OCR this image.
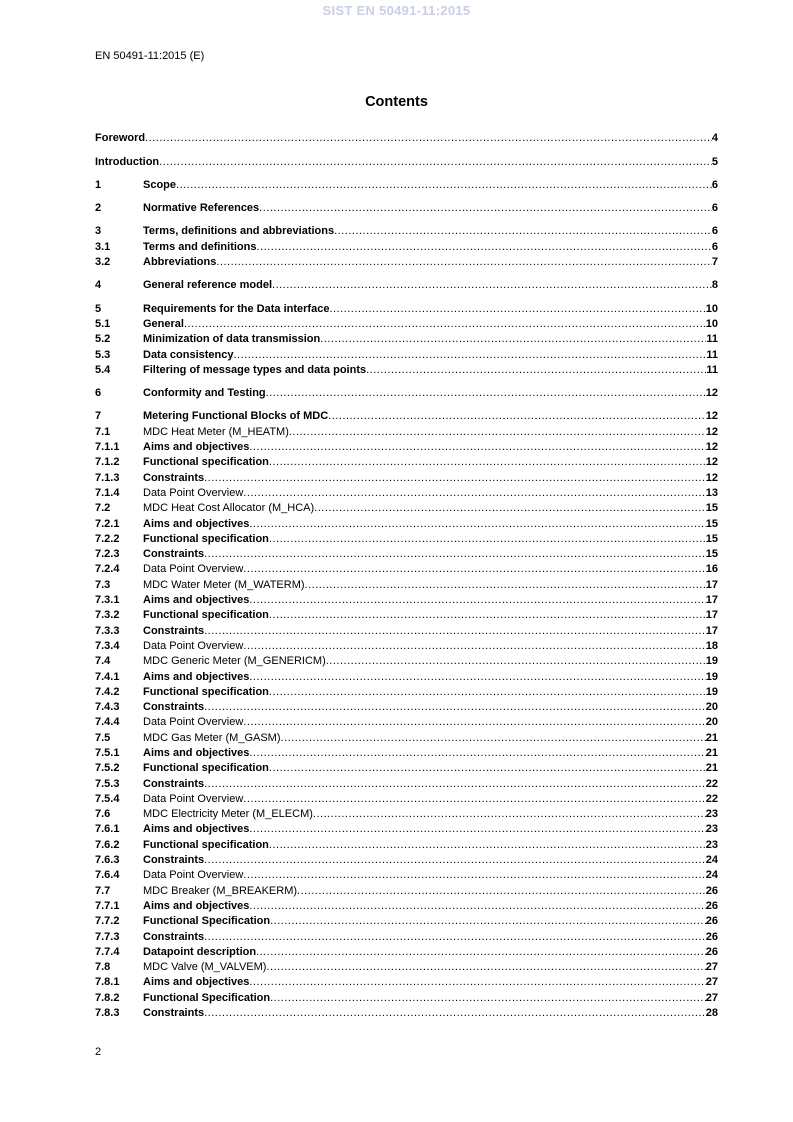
SIST EN 50491-11:2015
EN 50491-11:2015 (E)
Contents
Foreword .....	4
Introduction .....	5
1	Scope .....	6
2	Normative References .....	6
3	Terms, definitions and abbreviations .....	6
3.1	Terms and definitions .....	6
3.2	Abbreviations .....	7
4	General reference model .....	8
5	Requirements for the Data interface .....	10
5.1	General .....	10
5.2	Minimization of data transmission .....	11
5.3	Data consistency .....	11
5.4	Filtering of message types and data points .....	11
6	Conformity and Testing .....	12
7	Metering Functional Blocks of MDC .....	12
7.1	MDC Heat Meter (M_HEATM) .....	12
7.1.1	Aims and objectives .....	12
7.1.2	Functional specification .....	12
7.1.3	Constraints .....	12
7.1.4	Data Point Overview .....	13
7.2	MDC Heat Cost Allocator (M_HCA) .....	15
7.2.1	Aims and objectives .....	15
7.2.2	Functional specification .....	15
7.2.3	Constraints .....	15
7.2.4	Data Point Overview .....	16
7.3	MDC Water Meter (M_WATERM) .....	17
7.3.1	Aims and objectives .....	17
7.3.2	Functional specification .....	17
7.3.3	Constraints .....	17
7.3.4	Data Point Overview .....	18
7.4	MDC Generic Meter (M_GENERICM) .....	19
7.4.1	Aims and objectives .....	19
7.4.2	Functional specification .....	19
7.4.3	Constraints .....	20
7.4.4	Data Point Overview .....	20
7.5	MDC Gas Meter (M_GASM) .....	21
7.5.1	Aims and objectives .....	21
7.5.2	Functional specification .....	21
7.5.3	Constraints .....	22
7.5.4	Data Point Overview .....	22
7.6	MDC Electricity Meter (M_ELECM) .....	23
7.6.1	Aims and objectives .....	23
7.6.2	Functional specification .....	23
7.6.3	Constraints .....	24
7.6.4	Data Point Overview .....	24
7.7	MDC Breaker (M_BREAKERM) .....	26
7.7.1	Aims and objectives .....	26
7.7.2	Functional Specification .....	26
7.7.3	Constraints .....	26
7.7.4	Datapoint description .....	26
7.8	MDC Valve (M_VALVEM) .....	27
7.8.1	Aims and objectives .....	27
7.8.2	Functional Specification .....	27
7.8.3	Constraints .....	28
2
